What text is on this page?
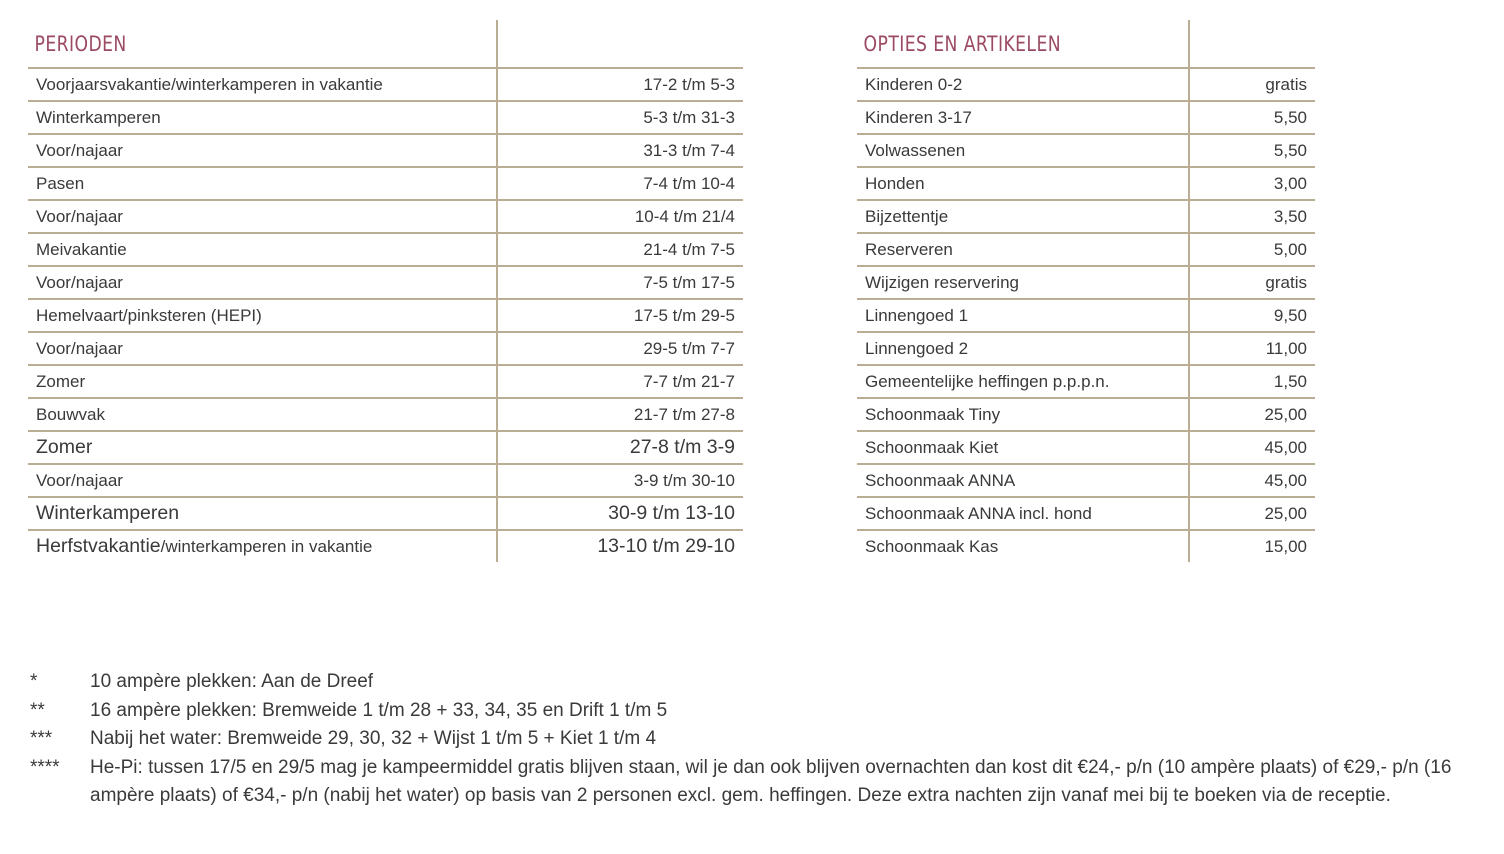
PERIODEN	
Voorjaarsvakantie/winterkamperen in vakantie	17-2 t/m 5-3
Winterkamperen	5-3 t/m 31-3
Voor/najaar	31-3 t/m 7-4
Pasen	7-4 t/m 10-4
Voor/najaar	10-4 t/m 21/4
Meivakantie	21-4 t/m 7-5
Voor/najaar	7-5 t/m 17-5
Hemelvaart/pinksteren (HEPI)	17-5 t/m 29-5
Voor/najaar	29-5 t/m 7-7
Zomer	7-7 t/m 21-7
Bouwvak	21-7 t/m 27-8
Zomer	27-8 t/m 3-9
Voor/najaar	3-9 t/m 30-10
Winterkamperen	30-9 t/m 13-10
Herfstvakantie/winterkamperen in vakantie	13-10 t/m 29-10
OPTIES EN ARTIKELEN	
Kinderen 0-2	gratis
Kinderen 3-17	5,50
Volwassenen	5,50
Honden	3,00
Bijzettentje	3,50
Reserveren	5,00
Wijzigen reservering	gratis
Linnengoed 1	9,50
Linnengoed 2	11,00
Gemeentelijke heffingen p.p.p.n.	1,50
Schoonmaak Tiny	25,00
Schoonmaak Kiet	45,00
Schoonmaak ANNA	45,00
Schoonmaak ANNA incl. hond	25,00
Schoonmaak Kas	15,00
*	10 ampère plekken: Aan de Dreef
**	16 ampère plekken: Bremweide 1 t/m 28 + 33, 34, 35 en Drift 1 t/m 5
***	Nabij het water: Bremweide 29, 30, 32 + Wijst 1 t/m 5 + Kiet 1 t/m 4
****	He-Pi: tussen 17/5 en 29/5 mag je kampeermiddel gratis blijven staan, wil je dan ook blijven overnachten dan kost dit €24,- p/n (10 ampère plaats) of €29,- p/n (16 ampère plaats) of €34,- p/n (nabij het water) op basis van 2 personen excl. gem. heffingen. Deze extra nachten zijn vanaf mei bij te boeken via de receptie.
